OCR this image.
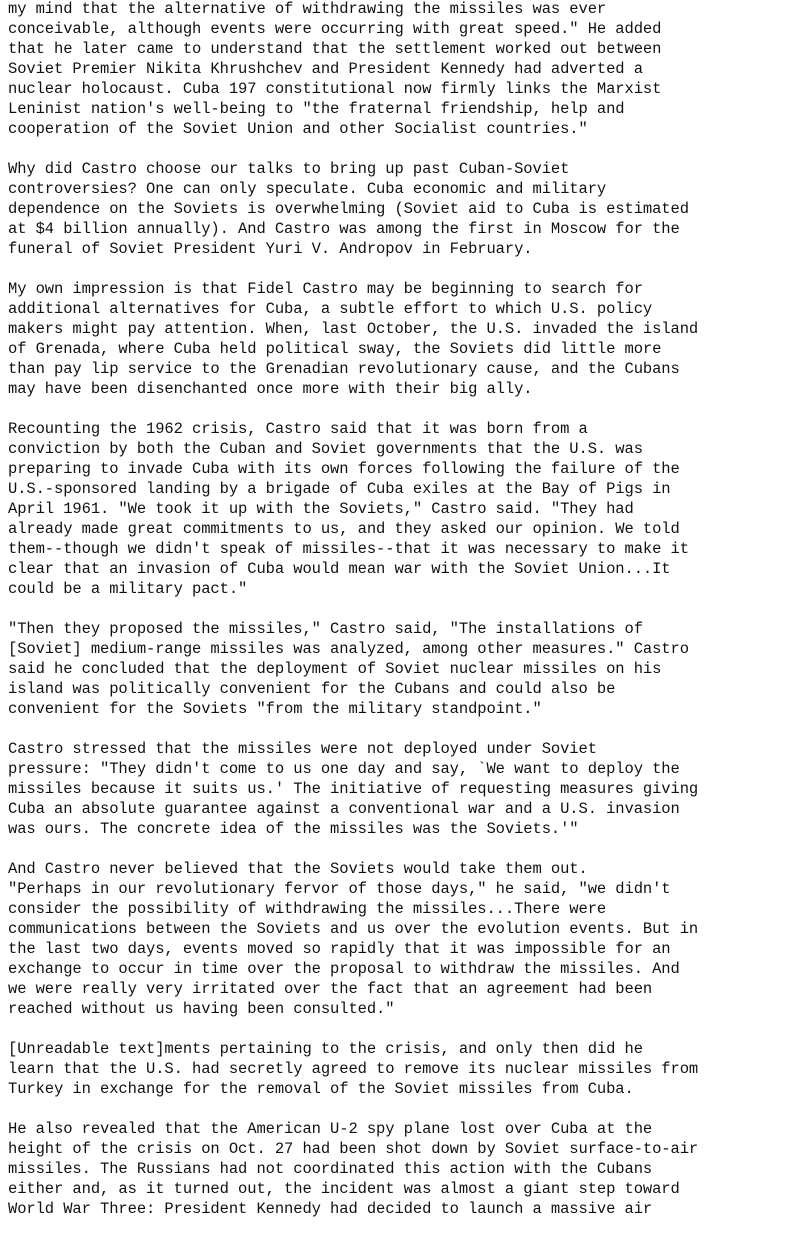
my mind that the alternative of withdrawing the missiles was ever
conceivable, although events were occurring with great speed." He added
that he later came to understand that the settlement worked out between
Soviet Premier Nikita Khrushchev and President Kennedy had adverted a
nuclear holocaust. Cuba 197 constitutional now firmly links the Marxist
Leninist nation's well-being to "the fraternal friendship, help and
cooperation of the Soviet Union and other Socialist countries."
Why did Castro choose our talks to bring up past Cuban-Soviet
controversies? One can only speculate. Cuba economic and military
dependence on the Soviets is overwhelming (Soviet aid to Cuba is estimated
at $4 billion annually). And Castro was among the first in Moscow for the
funeral of Soviet President Yuri V. Andropov in February.
My own impression is that Fidel Castro may be beginning to search for
additional alternatives for Cuba, a subtle effort to which U.S. policy
makers might pay attention. When, last October, the U.S. invaded the island
of Grenada, where Cuba held political sway, the Soviets did little more
than pay lip service to the Grenadian revolutionary cause, and the Cubans
may have been disenchanted once more with their big ally.
Recounting the 1962 crisis, Castro said that it was born from a
conviction by both the Cuban and Soviet governments that the U.S. was
preparing to invade Cuba with its own forces following the failure of the
U.S.-sponsored landing by a brigade of Cuba exiles at the Bay of Pigs in
April 1961. "We took it up with the Soviets," Castro said. "They had
already made great commitments to us, and they asked our opinion. We told
them--though we didn't speak of missiles--that it was necessary to make it
clear that an invasion of Cuba would mean war with the Soviet Union...It
could be a military pact."
"Then they proposed the missiles," Castro said, "The installations of
[Soviet] medium-range missiles was analyzed, among other measures." Castro
said he concluded that the deployment of Soviet nuclear missiles on his
island was politically convenient for the Cubans and could also be
convenient for the Soviets "from the military standpoint."
Castro stressed that the missiles were not deployed under Soviet
pressure: "They didn't come to us one day and say, `We want to deploy the
missiles because it suits us.' The initiative of requesting measures giving
Cuba an absolute guarantee against a conventional war and a U.S. invasion
was ours. The concrete idea of the missiles was the Soviets.'"
And Castro never believed that the Soviets would take them out.
"Perhaps in our revolutionary fervor of those days," he said, "we didn't
consider the possibility of withdrawing the missiles...There were
communications between the Soviets and us over the evolution events. But in
the last two days, events moved so rapidly that it was impossible for an
exchange to occur in time over the proposal to withdraw the missiles. And
we were really very irritated over the fact that an agreement had been
reached without us having been consulted."
[Unreadable text]ments pertaining to the crisis, and only then did he
learn that the U.S. had secretly agreed to remove its nuclear missiles from
Turkey in exchange for the removal of the Soviet missiles from Cuba.
He also revealed that the American U-2 spy plane lost over Cuba at the
height of the crisis on Oct. 27 had been shot down by Soviet surface-to-air
missiles. The Russians had not coordinated this action with the Cubans
either and, as it turned out, the incident was almost a giant step toward
World War Three: President Kennedy had decided to launch a massive air
